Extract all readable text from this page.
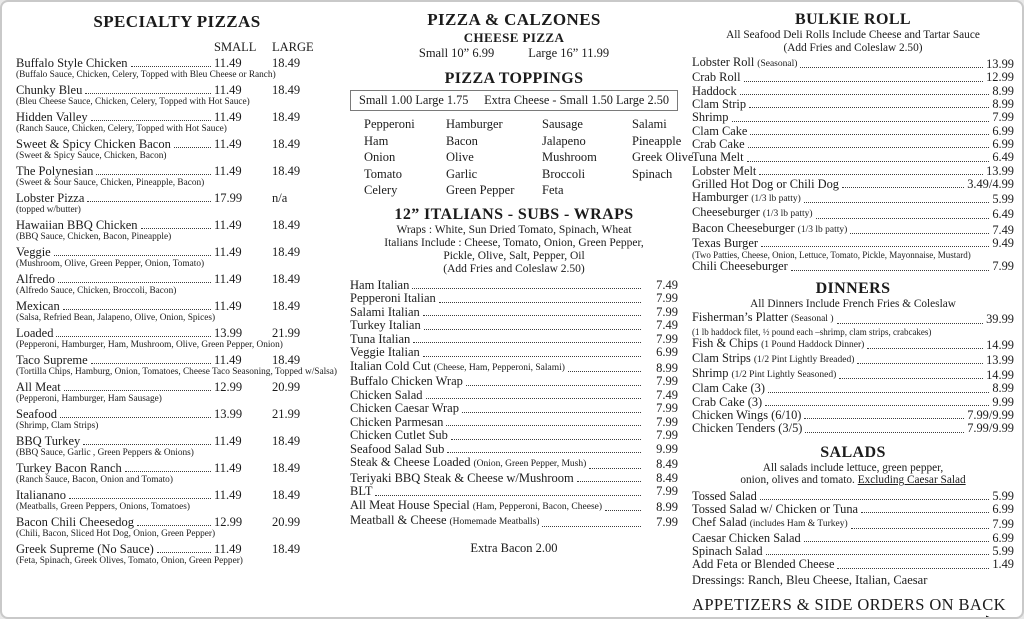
SPECIALTY PIZZAS
SMALL	LARGE
Buffalo Style Chicken	11.49	18.49
(Buffalo Sauce, Chicken, Celery, Topped with Bleu Cheese or Ranch)
Chunky Bleu	11.49	18.49
(Bleu Cheese Sauce, Chicken, Celery, Topped with Hot Sauce)
Hidden Valley	11.49	18.49
(Ranch Sauce, Chicken, Celery, Topped with Hot Sauce)
Sweet & Spicy Chicken Bacon	11.49	18.49
(Sweet & Spicy Sauce, Chicken, Bacon)
The Polynesian	11.49	18.49
(Sweet & Sour Sauce, Chicken, Pineapple, Bacon)
Lobster Pizza	17.99	n/a
(topped w/butter)
Hawaiian BBQ Chicken	11.49	18.49
(BBQ Sauce, Chicken, Bacon, Pineapple)
Veggie	11.49	18.49
(Mushroom, Olive, Green Pepper, Onion, Tomato)
Alfredo	11.49	18.49
(Alfredo Sauce, Chicken, Broccoli, Bacon)
Mexican	11.49	18.49
(Salsa, Refried Bean, Jalapeno, Olive, Onion, Spices)
Loaded	13.99	21.99
(Pepperoni, Hamburger, Ham, Mushroom, Olive, Green Pepper, Onion)
Taco Supreme	11.49	18.49
(Tortilla Chips, Hamburg, Onion, Tomatoes, Cheese Taco Seasoning, Topped w/Salsa)
All Meat	12.99	20.99
(Pepperoni, Hamburger, Ham Sausage)
Seafood	13.99	21.99
(Shrimp, Clam Strips)
BBQ Turkey	11.49	18.49
(BBQ Sauce, Garlic , Green Peppers & Onions)
Turkey Bacon Ranch	11.49	18.49
(Ranch Sauce, Bacon, Onion and Tomato)
Italianano	11.49	18.49
(Meatballs, Green Peppers, Onions, Tomatoes)
Bacon Chili Cheesedog	12.99	20.99
(Chili, Bacon, Sliced Hot Dog, Onion, Green Pepper)
Greek Supreme (No Sauce)	11.49	18.49
(Feta, Spinach, Greek Olives, Tomato, Onion, Green Pepper)
PIZZA & CALZONES
CHEESE PIZZA
Small 10” 6.99	Large 16” 11.99
PIZZA TOPPINGS
Small 1.00 Large 1.75 Extra Cheese - Small 1.50 Large 2.50
Pepperoni	Hamburger	Sausage	Salami
Ham	Bacon	Jalapeno	Pineapple
Onion	Olive	Mushroom	Greek Olive
Tomato	Garlic	Broccoli	Spinach
Celery	Green Pepper	Feta
12” ITALIANS - SUBS - WRAPS
Wraps : White, Sun Dried Tomato, Spinach, Wheat
Italians Include : Cheese, Tomato, Onion, Green Pepper,
Pickle, Olive, Salt, Pepper, Oil
(Add Fries and Coleslaw 2.50)
Ham Italian	7.49
Pepperoni Italian	7.99
Salami Italian	7.99
Turkey Italian	7.49
Tuna Italian	7.99
Veggie Italian	6.99
Italian Cold Cut (Cheese, Ham, Pepperoni, Salami)	8.99
Buffalo Chicken Wrap	7.99
Chicken Salad	7.49
Chicken Caesar Wrap	7.99
Chicken Parmesan	7.99
Chicken Cutlet Sub	7.99
Seafood Salad Sub	9.99
Steak & Cheese Loaded (Onion, Green Pepper, Mush)	8.49
Teriyaki BBQ Steak & Cheese w/Mushroom	8.49
BLT	7.99
All Meat House Special (Ham, Pepperoni, Bacon, Cheese)	8.99
Meatball & Cheese (Homemade Meatballs)	7.99
Extra Bacon 2.00
BULKIE ROLL
All Seafood Deli Rolls Include Cheese and Tartar Sauce
(Add Fries and Coleslaw 2.50)
Lobster Roll (Seasonal)	13.99
Crab Roll	12.99
Haddock	8.99
Clam Strip	8.99
Shrimp	7.99
Clam Cake	6.99
Crab Cake	6.99
Tuna Melt	6.49
Lobster Melt	13.99
Grilled Hot Dog or Chili Dog	3.49/4.99
Hamburger (1/3 lb patty)	5.99
Cheeseburger (1/3 lb patty)	6.49
Bacon Cheeseburger (1/3 lb patty)	7.49
Texas Burger	9.49
(Two Patties, Cheese, Onion, Lettuce, Tomato, Pickle, Mayonnaise, Mustard)
Chili Cheeseburger	7.99
DINNERS
All Dinners Include French Fries & Coleslaw
Fisherman’s Platter (Seasonal )	39.99
(1 lb haddock filet, ½ pound each –shrimp, clam strips, crabcakes)
Fish & Chips (1 Pound Haddock Dinner)	14.99
Clam Strips (1/2 Pint Lightly Breaded)	13.99
Shrimp (1/2 Pint Lightly Seasoned)	14.99
Clam Cake (3)	8.99
Crab Cake (3)	9.99
Chicken Wings (6/10)	7.99/9.99
Chicken Tenders (3/5)	7.99/9.99
SALADS
All salads include lettuce, green pepper,
onion, olives and tomato. Excluding Caesar Salad
Tossed Salad	5.99
Tossed Salad w/ Chicken or Tuna	6.99
Chef Salad (includes Ham & Turkey)	7.99
Caesar Chicken Salad	6.99
Spinach Salad	5.99
Add Feta or Blended Cheese	1.49
Dressings: Ranch, Bleu Cheese, Italian, Caesar
APPETIZERS & SIDE ORDERS ON BACK
